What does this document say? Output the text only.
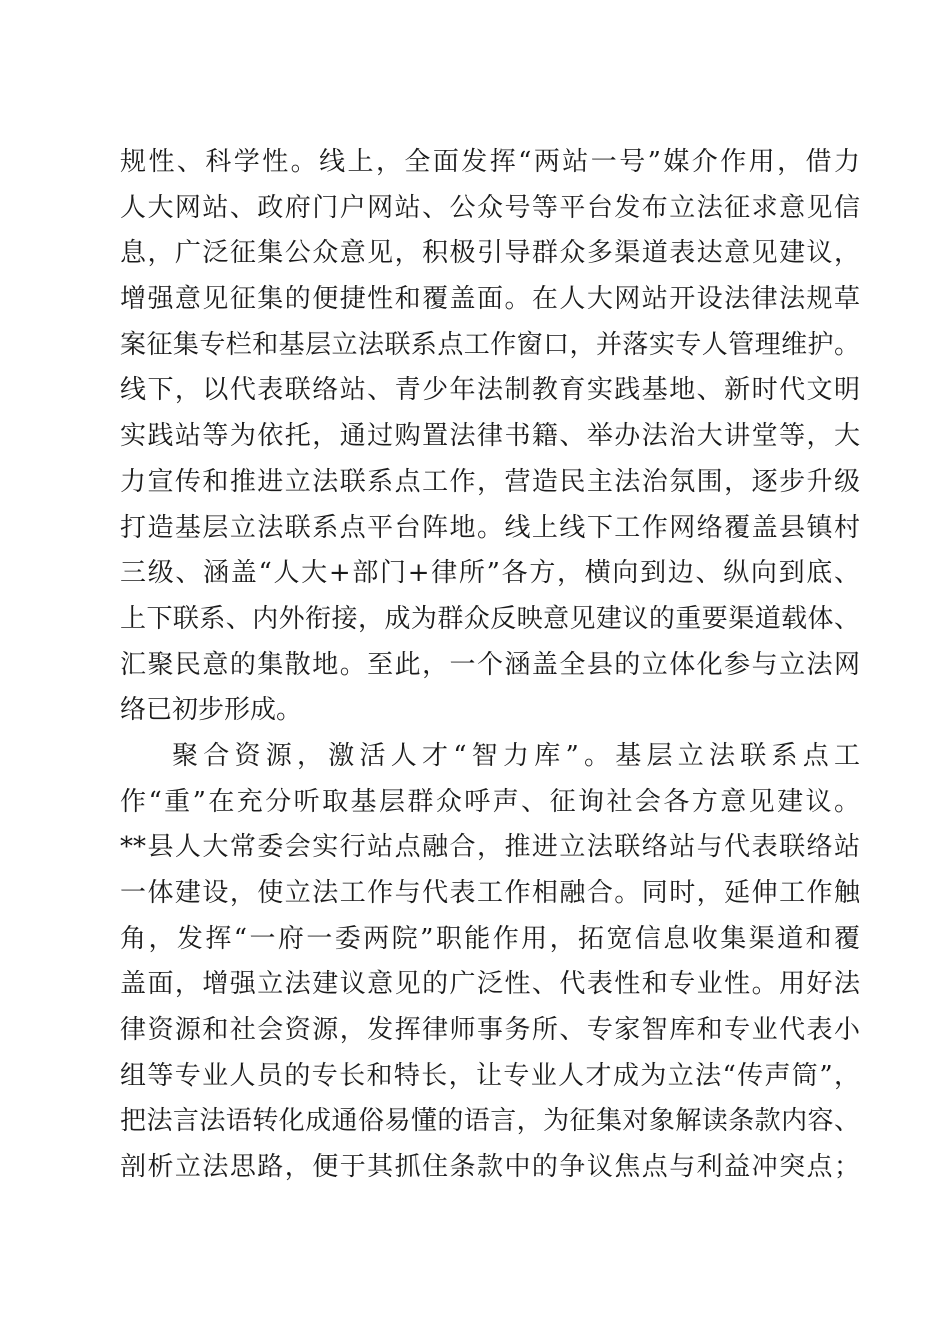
规性、科学性。线上，全面发挥“两站一号”媒介作用，借力
人大网站、政府门户网站、公众号等平台发布立法征求意见信
息，广泛征集公众意见，积极引导群众多渠道表达意见建议，
增强意见征集的便捷性和覆盖面。在人大网站开设法律法规草
案征集专栏和基层立法联系点工作窗口，并落实专人管理维护。
线下，以代表联络站、青少年法制教育实践基地、新时代文明
实践站等为依托，通过购置法律书籍、举办法治大讲堂等，大
力宣传和推进立法联系点工作，营造民主法治氛围，逐步升级
打造基层立法联系点平台阵地。线上线下工作网络覆盖县镇村
三级、涵盖“人大+部门+律所”各方，横向到边、纵向到底、
上下联系、内外衔接，成为群众反映意见建议的重要渠道载体、
汇聚民意的集散地。至此，一个涵盖全县的立体化参与立法网
络已初步形成。
聚合资源，激活人才“智力库”。基层立法联系点工
作“重”在充分听取基层群众呼声、征询社会各方意见建议。
**县人大常委会实行站点融合，推进立法联络站与代表联络站
一体建设，使立法工作与代表工作相融合。同时，延伸工作触
角，发挥“一府一委两院”职能作用，拓宽信息收集渠道和覆
盖面，增强立法建议意见的广泛性、代表性和专业性。用好法
律资源和社会资源，发挥律师事务所、专家智库和专业代表小
组等专业人员的专长和特长，让专业人才成为立法“传声筒”，
把法言法语转化成通俗易懂的语言，为征集对象解读条款内容、
剖析立法思路，便于其抓住条款中的争议焦点与利益冲突点；
